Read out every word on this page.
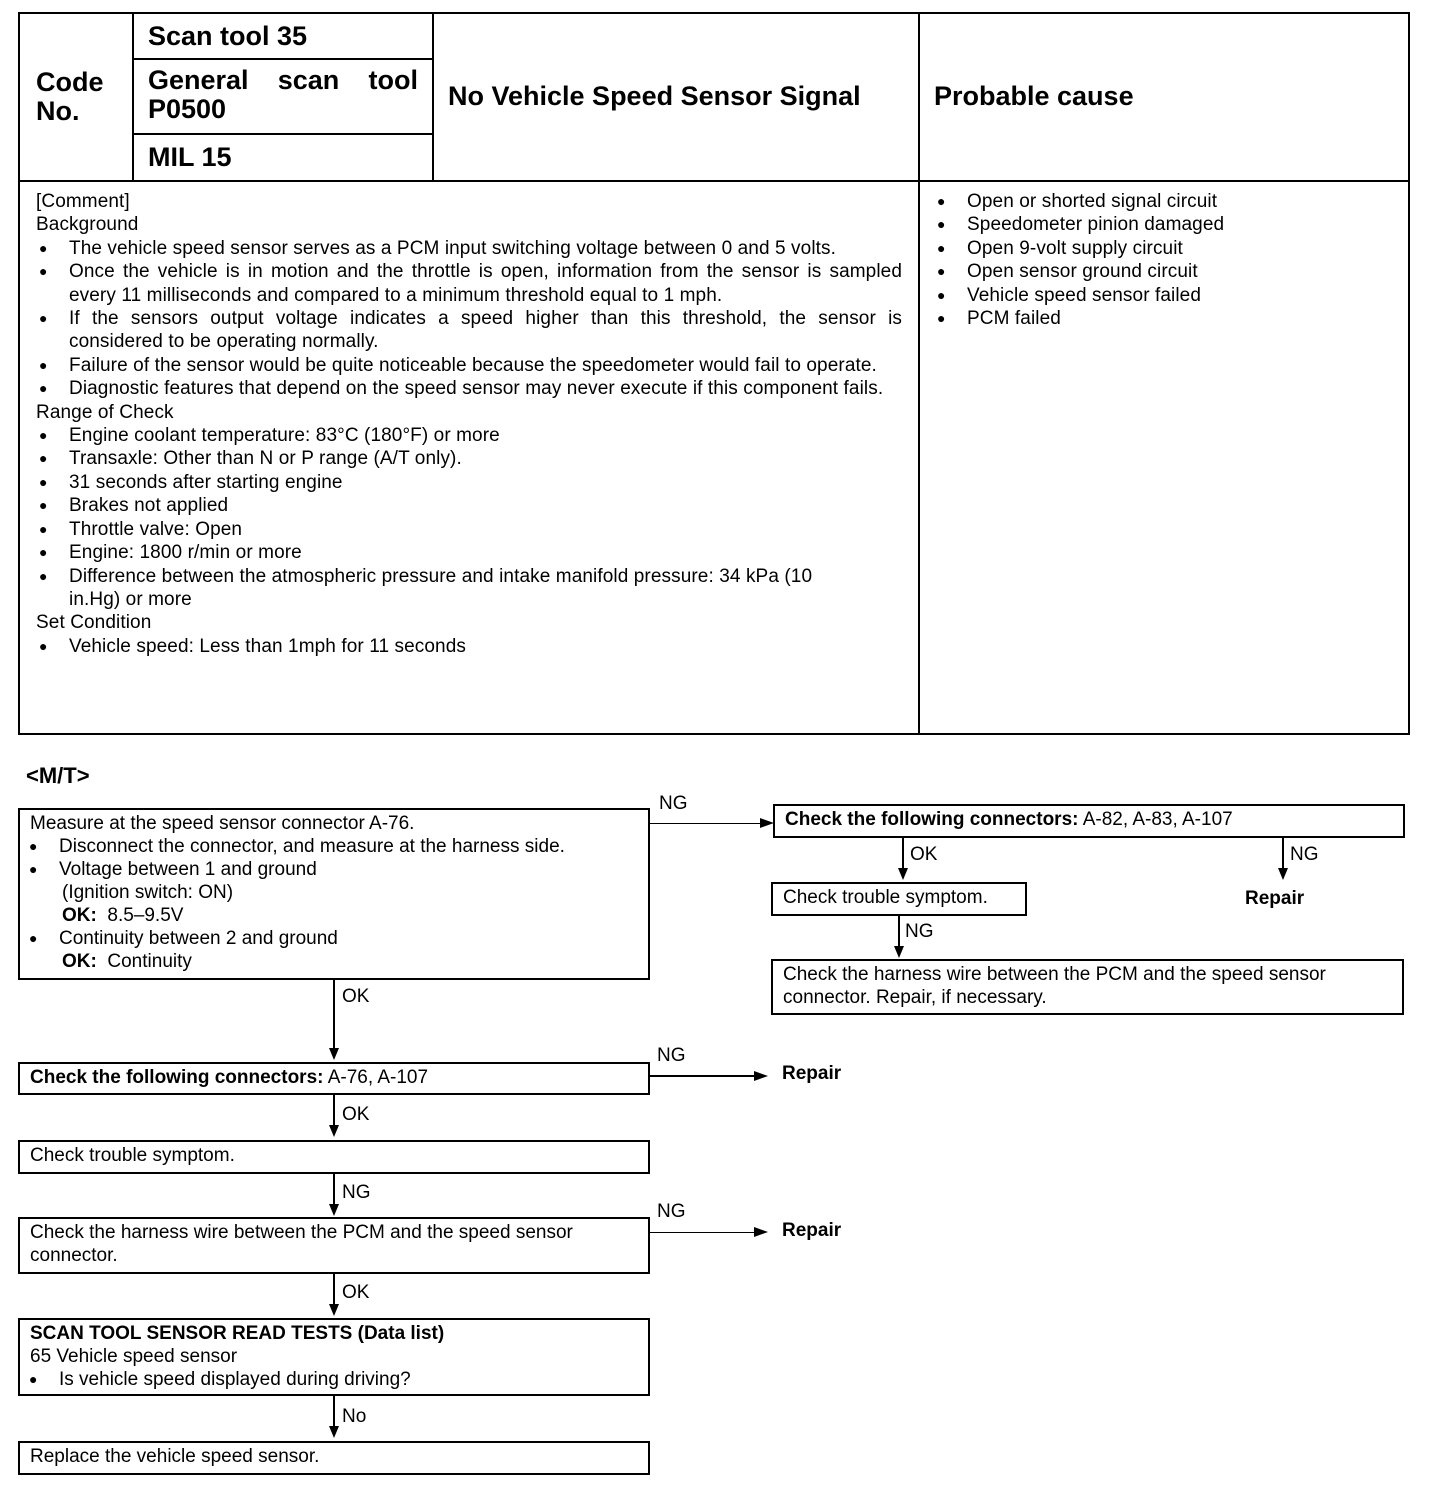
Code No.
Scan tool 35
General scan tool P0500
MIL 15
No Vehicle Speed Sensor Signal	Probable cause
[Comment]
Background
● The vehicle speed sensor serves as a PCM input switching voltage between 0 and 5 volts.
● Once the vehicle is in motion and the throttle is open, information from the sensor is sampled every 11 milliseconds and compared to a minimum threshold equal to 1 mph.
● If the sensors output voltage indicates a speed higher than this threshold, the sensor is considered to be operating normally.
● Failure of the sensor would be quite noticeable because the speedometer would fail to operate.
● Diagnostic features that depend on the speed sensor may never execute if this component fails.
Range of Check
● Engine coolant temperature: 83°C (180°F) or more
● Transaxle: Other than N or P range (A/T only).
● 31 seconds after starting engine
● Brakes not applied
● Throttle valve: Open
● Engine: 1800 r/min or more
● Difference between the atmospheric pressure and intake manifold pressure: 34 kPa (10 in.Hg) or more
Set Condition
● Vehicle speed: Less than 1mph for 11 seconds
● Open or shorted signal circuit
● Speedometer pinion damaged
● Open 9-volt supply circuit
● Open sensor ground circuit
● Vehicle speed sensor failed
● PCM failed
<M/T>
Measure at the speed sensor connector A-76.
● Disconnect the connector, and measure at the harness side.
● Voltage between 1 and ground
(Ignition switch: ON)
OK: 8.5–9.5V
● Continuity between 2 and ground
OK: Continuity
NG
Check the following connectors: A-82, A-83, A-107
OK	NG
Repair
Check trouble symptom.
NG
Check the harness wire between the PCM and the speed sensor connector. Repair, if necessary.
OK
Check the following connectors: A-76, A-107
NG
Repair
OK
Check trouble symptom.
NG
Check the harness wire between the PCM and the speed sensor connector.
NG
Repair
OK
SCAN TOOL SENSOR READ TESTS (Data list)
65 Vehicle speed sensor
● Is vehicle speed displayed during driving?
No
Replace the vehicle speed sensor.
